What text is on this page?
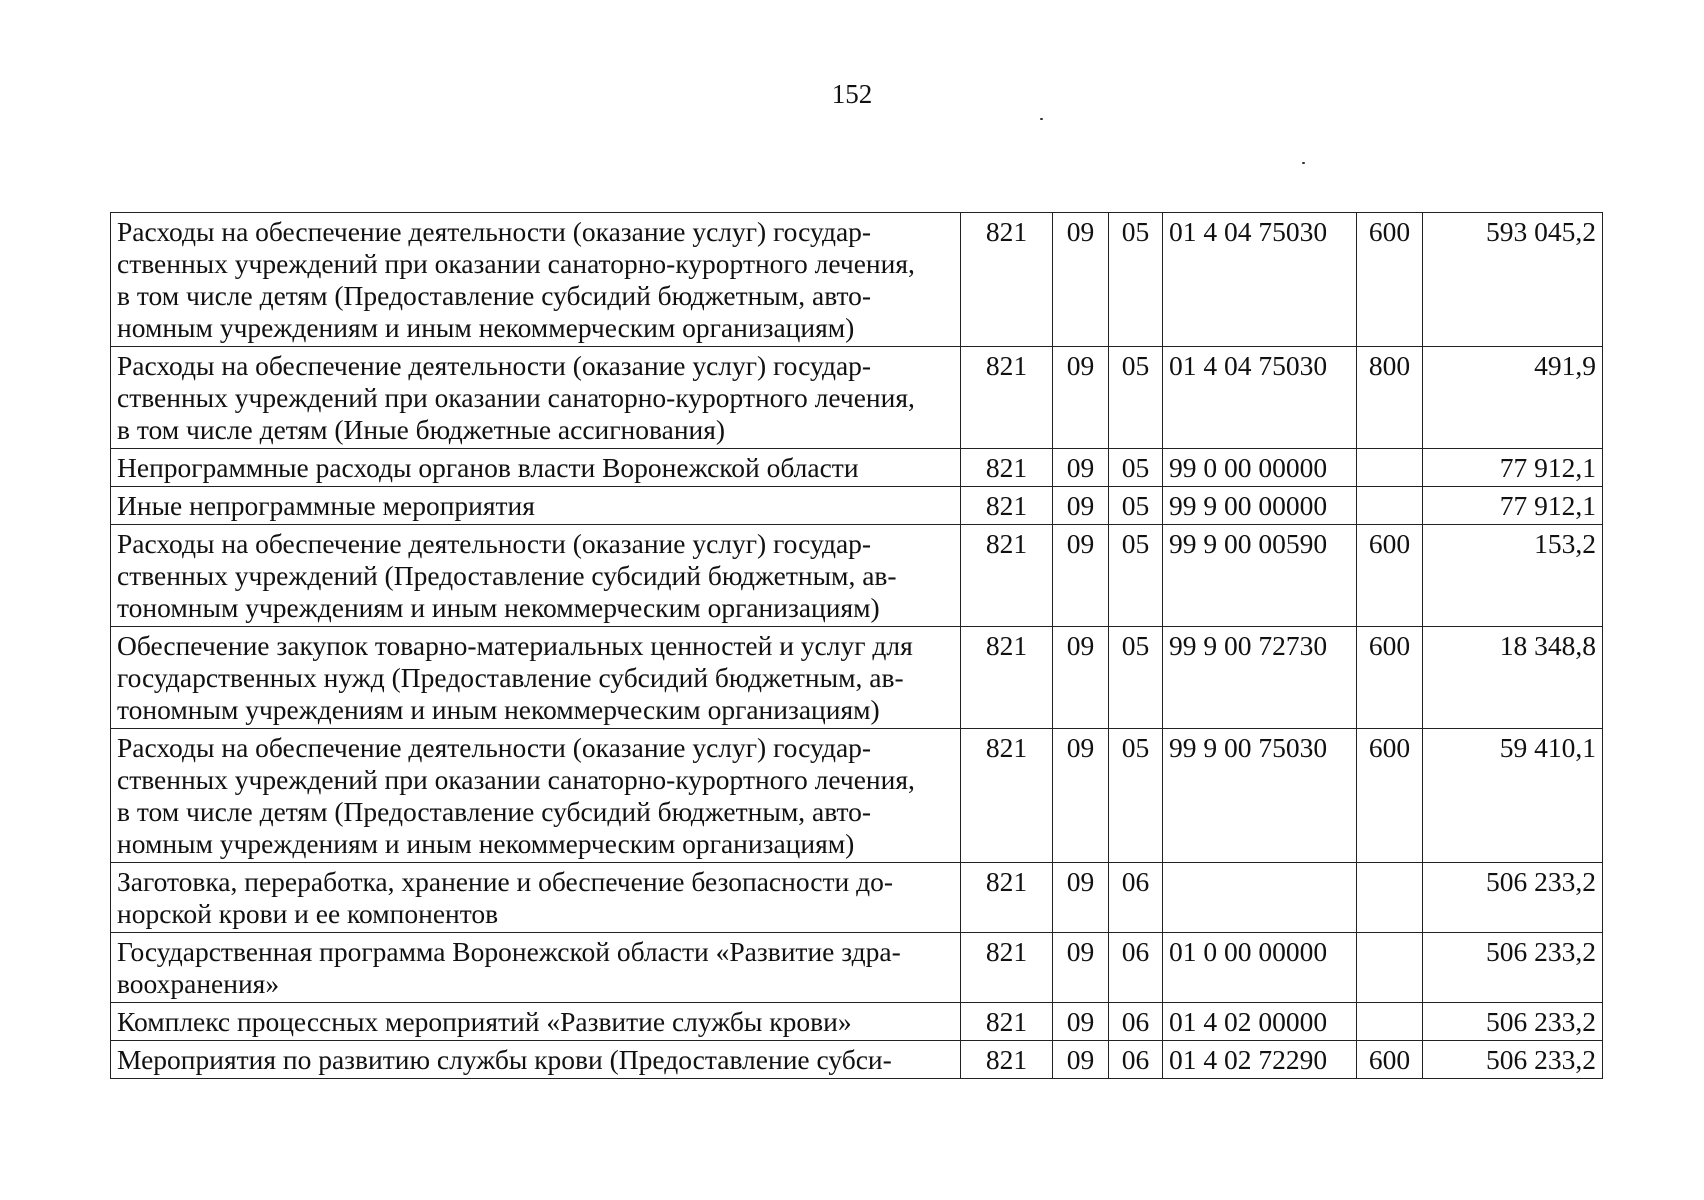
152
Расходы на обеспечение деятельности (оказание услуг) государ-
ственных учреждений при оказании санаторно-курортного лечения,
в том числе детям (Предоставление субсидий бюджетным, авто-
номным учреждениям и иным некоммерческим организациям)	821	09	05	01 4 04 75030	600	593 045,2

Расходы на обеспечение деятельности (оказание услуг) государ-
ственных учреждений при оказании санаторно-курортного лечения,
в том числе детям (Иные бюджетные ассигнования)	821	09	05	01 4 04 75030	800	491,9

Непрограммные расходы органов власти Воронежской области	821	09	05	99 0 00 00000		77 912,1

Иные непрограммные мероприятия	821	09	05	99 9 00 00000		77 912,1

Расходы на обеспечение деятельности (оказание услуг) государ-
ственных учреждений (Предоставление субсидий бюджетным, ав-
тономным учреждениям и иным некоммерческим организациям)	821	09	05	99 9 00 00590	600	153,2

Обеспечение закупок товарно-материальных ценностей и услуг для
государственных нужд (Предоставление субсидий бюджетным, ав-
тономным учреждениям и иным некоммерческим организациям)	821	09	05	99 9 00 72730	600	18 348,8

Расходы на обеспечение деятельности (оказание услуг) государ-
ственных учреждений при оказании санаторно-курортного лечения,
в том числе детям (Предоставление субсидий бюджетным, авто-
номным учреждениям и иным некоммерческим организациям)	821	09	05	99 9 00 75030	600	59 410,1

Заготовка, переработка, хранение и обеспечение безопасности до-
норской крови и ее компонентов	821	09	06			506 233,2

Государственная программа Воронежской области «Развитие здра-
воохранения»	821	09	06	01 0 00 00000		506 233,2

Комплекс процессных мероприятий «Развитие службы крови»	821	09	06	01 4 02 00000		506 233,2

Мероприятия по развитию службы крови (Предоставление субси-	821	09	06	01 4 02 72290	600	506 233,2
